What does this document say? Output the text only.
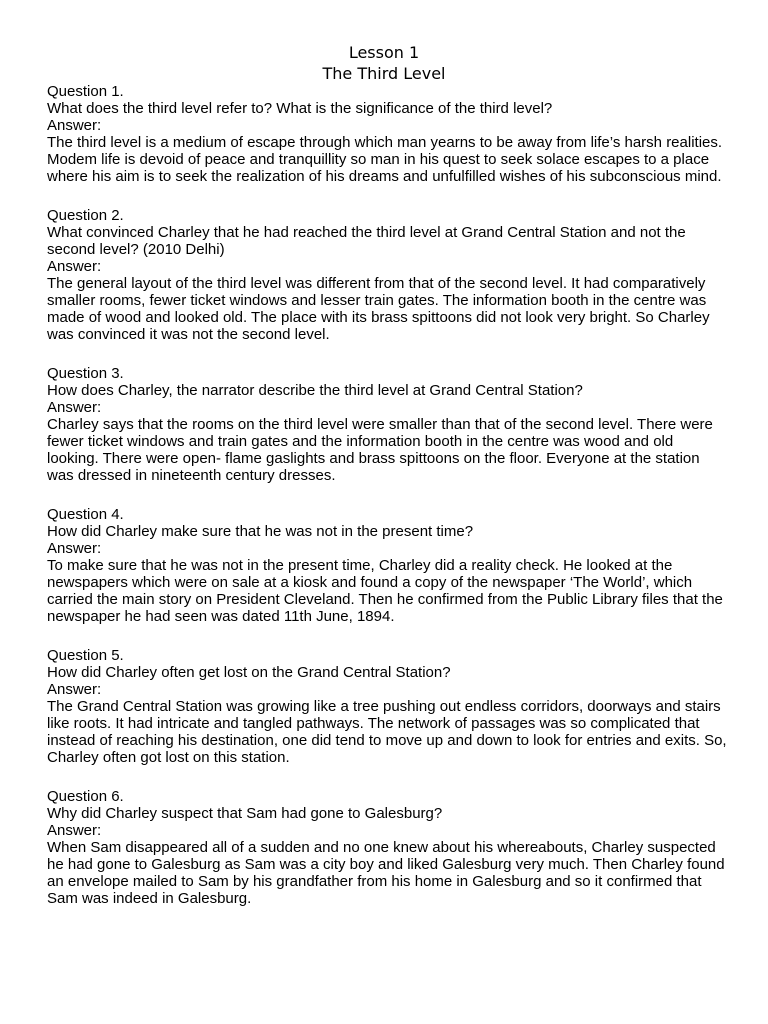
Lesson 1
The Third Level
Question 1.
What does the third level refer to? What is the significance of the third level?
Answer:
The third level is a medium of escape through which man yearns to be away from life’s harsh realities. Modem life is devoid of peace and tranquillity so man in his quest to seek solace escapes to a place where his aim is to seek the realization of his dreams and unfulfilled wishes of his subconscious mind.
Question 2.
What convinced Charley that he had reached the third level at Grand Central Station and not the second level? (2010 Delhi)
Answer:
The general layout of the third level was different from that of the second level. It had comparatively smaller rooms, fewer ticket windows and lesser train gates. The information booth in the centre was made of wood and looked old. The place with its brass spittoons did not look very bright. So Charley was convinced it was not the second level.
Question 3.
How does Charley, the narrator describe the third level at Grand Central Station?
Answer:
Charley says that the rooms on the third level were smaller than that of the second level. There were fewer ticket windows and train gates and the information booth in the centre was wood and old looking. There were open- flame gaslights and brass spittoons on the floor. Everyone at the station was dressed in nineteenth century dresses.
Question 4.
How did Charley make sure that he was not in the present time?
Answer:
To make sure that he was not in the present time, Charley did a reality check. He looked at the newspapers which were on sale at a kiosk and found a copy of the newspaper ‘The World’, which carried the main story on President Cleveland. Then he confirmed from the Public Library files that the newspaper he had seen was dated 11th June, 1894.
Question 5.
How did Charley often get lost on the Grand Central Station?
Answer:
The Grand Central Station was growing like a tree pushing out endless corridors, doorways and stairs like roots. It had intricate and tangled pathways. The network of passages was so complicated that instead of reaching his destination, one did tend to move up and down to look for entries and exits. So, Charley often got lost on this station.
Question 6.
Why did Charley suspect that Sam had gone to Galesburg?
Answer:
When Sam disappeared all of a sudden and no one knew about his whereabouts, Charley suspected he had gone to Galesburg as Sam was a city boy and liked Galesburg very much. Then Charley found an envelope mailed to Sam by his grandfather from his home in Galesburg and so it confirmed that Sam was indeed in Galesburg.
